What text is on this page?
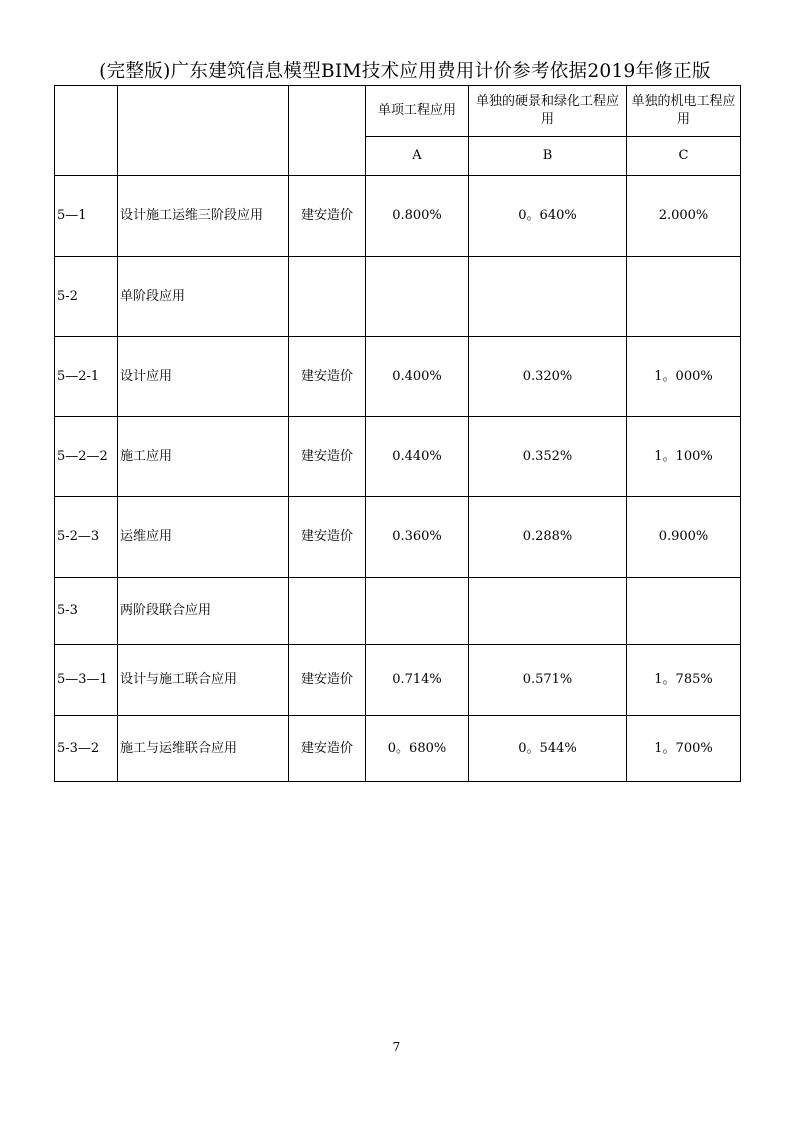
(完整版)广东建筑信息模型BIM技术应用费用计价参考依据2019年修正版
			单项工程应用	单独的硬景和绿化工程应用	单独的机电工程应用
			A	B	C
5—1	设计施工运维三阶段应用	建安造价	0.800%	0。640%	2.000%
5-2	单阶段应用				
5—2-1	设计应用	建安造价	0.400%	0.320%	1。000%
5—2—2	施工应用	建安造价	0.440%	0.352%	1。100%
5-2—3	运维应用	建安造价	0.360%	0.288%	0.900%
5-3	两阶段联合应用				
5—3—1	设计与施工联合应用	建安造价	0.714%	0.571%	1。785%
5-3—2	施工与运维联合应用	建安造价	0。680%	0。544%	1。700%
7
